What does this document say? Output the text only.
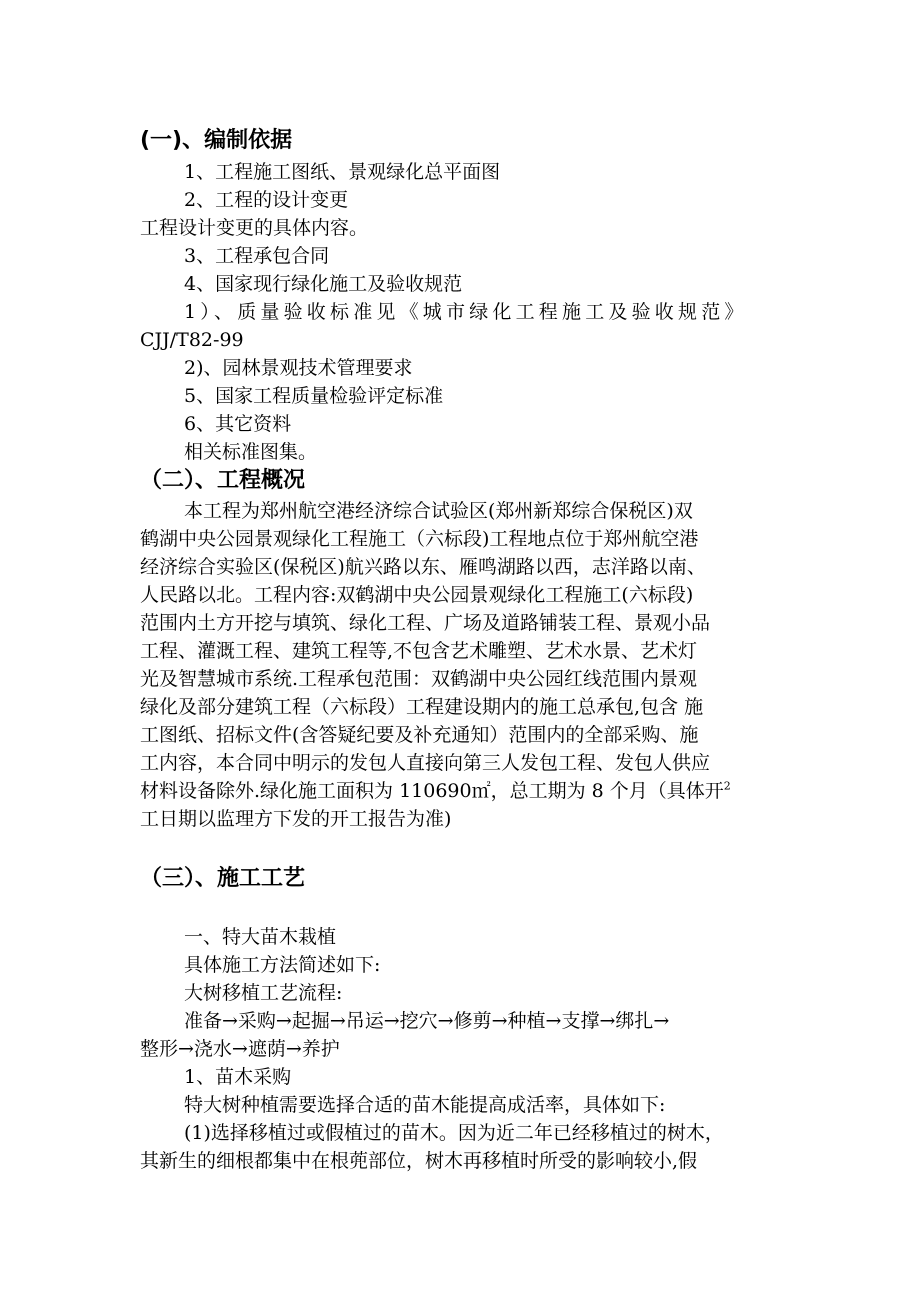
(一)、编制依据
1、工程施工图纸、景观绿化总平面图
2、工程的设计变更
工程设计变更的具体内容。
3、工程承包合同
4、国家现行绿化施工及验收规范
1）、质量验收标准见《城市绿化工程施工及验收规范》
CJJ/T82-99
2)、园林景观技术管理要求
5、国家工程质量检验评定标准
6、其它资料
相关标准图集。
（二）、工程概况
本工程为郑州航空港经济综合试验区(郑州新郑综合保税区)双
鹤湖中央公园景观绿化工程施工（六标段)工程地点位于郑州航空港
经济综合实验区(保税区)航兴路以东、雁鸣湖路以西，志洋路以南、
人民路以北。工程内容:双鹤湖中央公园景观绿化工程施工(六标段)
范围内土方开挖与填筑、绿化工程、广场及道路铺装工程、景观小品
工程、灌溉工程、建筑工程等,不包含艺术雕塑、艺术水景、艺术灯
光及智慧城市系统.工程承包范围：双鹤湖中央公园红线范围内景观
绿化及部分建筑工程（六标段）工程建设期内的施工总承包,包含 施
工图纸、招标文件(含答疑纪要及补充通知）范围内的全部采购、施
工内容，本合同中明示的发包人直接向第三人发包工程、发包人供应
材料设备除外.绿化施工面积为 110690㎡，总工期为 8 个月（具体开$^2$
工日期以监理方下发的开工报告为准)
（三）、施工工艺
一、特大苗木栽植
具体施工方法简述如下:
大树移植工艺流程:
准备→采购→起掘→吊运→挖穴→修剪→种植→支撑→绑扎→
整形→浇水→遮荫→养护
1、苗木采购
特大树种植需要选择合适的苗木能提高成活率，具体如下:
(1)选择移植过或假植过的苗木。因为近二年已经移植过的树木，
其新生的细根都集中在根蔸部位，树木再移植时所受的影响较小,假
